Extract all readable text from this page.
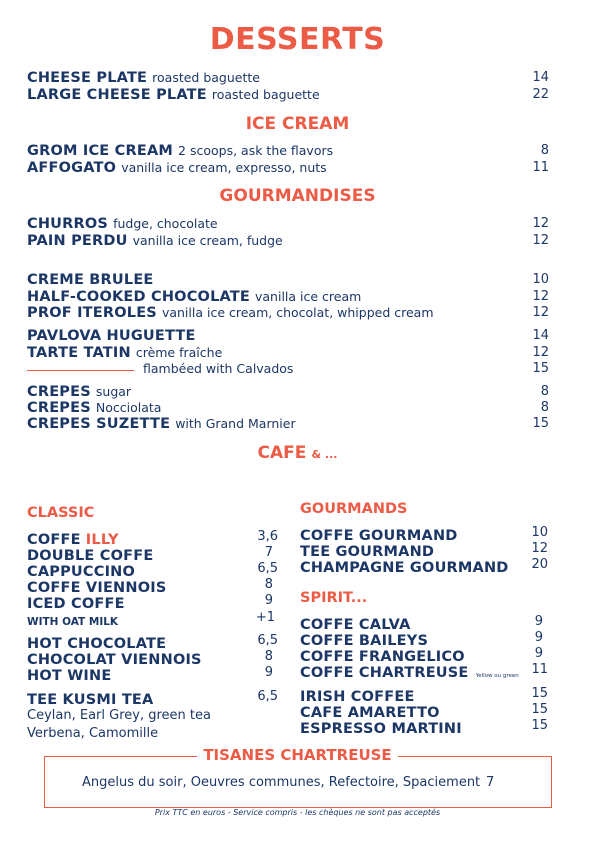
DESSERTS
CHEESE PLATE roasted baguette	14
LARGE CHEESE PLATE roasted baguette	22
ICE CREAM
GROM ICE CREAM 2 scoops, ask the flavors	8
AFFOGATO vanilla ice cream, expresso, nuts	11
GOURMANDISES
CHURROS fudge, chocolate	12
PAIN PERDU vanilla ice cream, fudge	12
CREME BRULEE	10
HALF-COOKED CHOCOLATE vanilla ice cream	12
PROF ITEROLES vanilla ice cream, chocolat, whipped cream	12
PAVLOVA HUGUETTE	14
TARTE TATIN crème fraîche	12
flambéed with Calvados	15
CREPES sugar	8
CREPES Nocciolata	8
CREPES SUZETTE with Grand Marnier	15
CAFE & ...
CLASSIC
COFFE ILLY	3,6
DOUBLE COFFE	7
CAPPUCCINO	6,5
COFFE VIENNOIS	8
ICED COFFE	9
WITH OAT MILK	+1
HOT CHOCOLATE	6,5
CHOCOLAT VIENNOIS	8
HOT WINE	9
TEE KUSMI TEA	6,5
Ceylan, Earl Grey, green tea
Verbena, Camomille
GOURMANDS
COFFE GOURMAND	10
TEE GOURMAND	12
CHAMPAGNE GOURMAND 20
SPIRIT...
COFFE CALVA	9
COFFE BAILEYS	9
COFFE FRANGELICO	9
COFFE CHARTREUSE Yellow ou green 11
IRISH COFFEE	15
CAFE AMARETTO	15
ESPRESSO MARTINI	15
TISANES CHARTREUSE
Angelus du soir, Oeuvres communes, Refectoire, Spaciement 7
Prix TTC en euros - Service compris - les chèques ne sont pas acceptés
